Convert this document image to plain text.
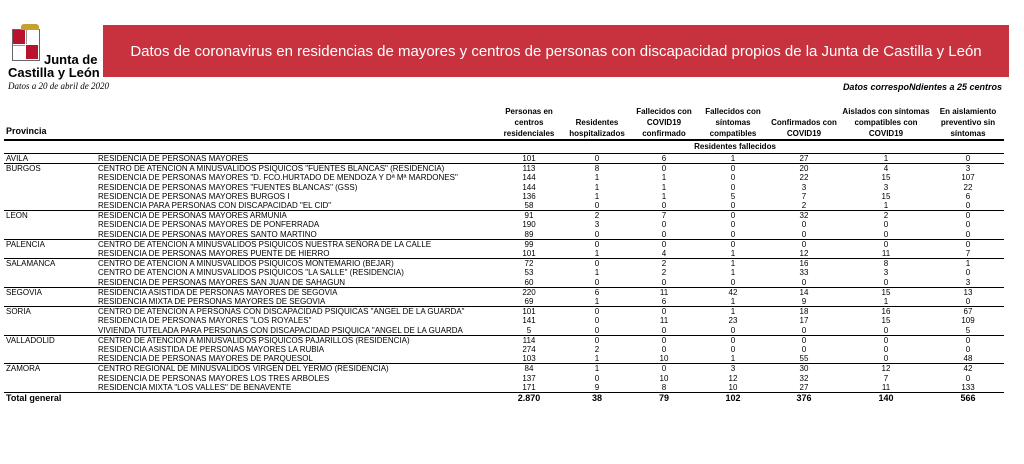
Junta de
Castilla y León
Datos de coronavirus en residencias de mayores y centros de personas con discapacidad propios de la Junta de Castilla y León
Datos a 20 de abril de 2020	Datos correspoNdientes a 25 centros
Provincia		Personas en centros residenciales	Residentes hospitalizados	Fallecidos con COVID19 confirmado	Fallecidos con síntomas compatibles	Confirmados con COVID19	Aislados con síntomas compatibles con COVID19	En aislamiento preventivo sin síntomas
				Residentes fallecidos				
AVILA	RESIDENCIA DE PERSONAS MAYORES	101	0	6	1	27	1	0
BURGOS	CENTRO DE ATENCION A MINUSVALIDOS PSIQUICOS "FUENTES BLANCAS" (RESIDENCIA)	113	8	0	0	20	4	3
	RESIDENCIA DE PERSONAS MAYORES "D. FCO.HURTADO DE MENDOZA Y Dª Mª MARDONES"	144	1	1	0	22	15	107
	RESIDENCIA DE PERSONAS MAYORES "FUENTES BLANCAS" (GSS)	144	1	1	0	3	3	22
	RESIDENCIA DE PERSONAS MAYORES BURGOS I	136	1	1	5	7	15	6
	RESIDENCIA PARA PERSONAS CON DISCAPACIDAD "EL CID"	58	0	0	0	2	1	0
LEON	RESIDENCIA DE PERSONAS MAYORES ARMUNIA	91	2	7	0	32	2	0
	RESIDENCIA DE PERSONAS MAYORES DE PONFERRADA	190	3	0	0	0	0	0
	RESIDENCIA DE PERSONAS MAYORES SANTO MARTINO	89	0	0	0	0	0	0
PALENCIA	CENTRO DE ATENCION A MINUSVALIDOS PSIQUICOS NUESTRA SEÑORA DE LA CALLE	99	0	0	0	0	0	0
	RESIDENCIA DE PERSONAS MAYORES PUENTE DE HIERRO	101	1	4	1	12	11	7
SALAMANCA	CENTRO DE ATENCION A MINUSVALIDOS PSIQUICOS MONTEMARIO (BEJAR)	72	0	2	1	16	8	1
	CENTRO DE ATENCION A MINUSVALIDOS PSIQUICOS "LA SALLE" (RESIDENCIA)	53	1	2	1	33	3	0
	RESIDENCIA DE PERSONAS MAYORES SAN JUAN DE SAHAGUN	60	0	0	0	0	0	3
SEGOVIA	RESIDENCIA ASISTIDA DE PERSONAS MAYORES DE SEGOVIA	220	6	11	42	14	15	13
	RESIDENCIA MIXTA DE PERSONAS MAYORES DE SEGOVIA	69	1	6	1	9	1	0
SORIA	CENTRO DE ATENCION A PERSONAS CON DISCAPACIDAD PSIQUICAS "ANGEL DE LA GUARDA"	101	0	0	1	18	16	67
	RESIDENCIA DE PERSONAS MAYORES "LOS ROYALES"	141	0	11	23	17	15	109
	VIVIENDA TUTELADA PARA PERSONAS CON DISCAPACIDAD PSIQUICA "ANGEL DE LA GUARDA	5	0	0	0	0	0	5
VALLADOLID	CENTRO DE ATENCION A MINUSVALIDOS PSIQUICOS PAJARILLOS (RESIDENCIA)	114	0	0	0	0	0	0
	RESIDENCIA ASISTIDA DE PERSONAS MAYORES LA RUBIA	274	2	0	0	0	0	0
	RESIDENCIA DE PERSONAS MAYORES DE PARQUESOL	103	1	10	1	55	0	48
ZAMORA	CENTRO REGIONAL DE MINUSVALIDOS VIRGEN DEL YERMO (RESIDENCIA)	84	1	0	3	30	12	42
	RESIDENCIA DE PERSONAS MAYORES LOS TRES ARBOLES	137	0	10	12	32	7	0
	RESIDENCIA MIXTA "LOS VALLES" DE BENAVENTE	171	9	8	10	27	11	133
Total general		2.870	38	79	102	376	140	566
